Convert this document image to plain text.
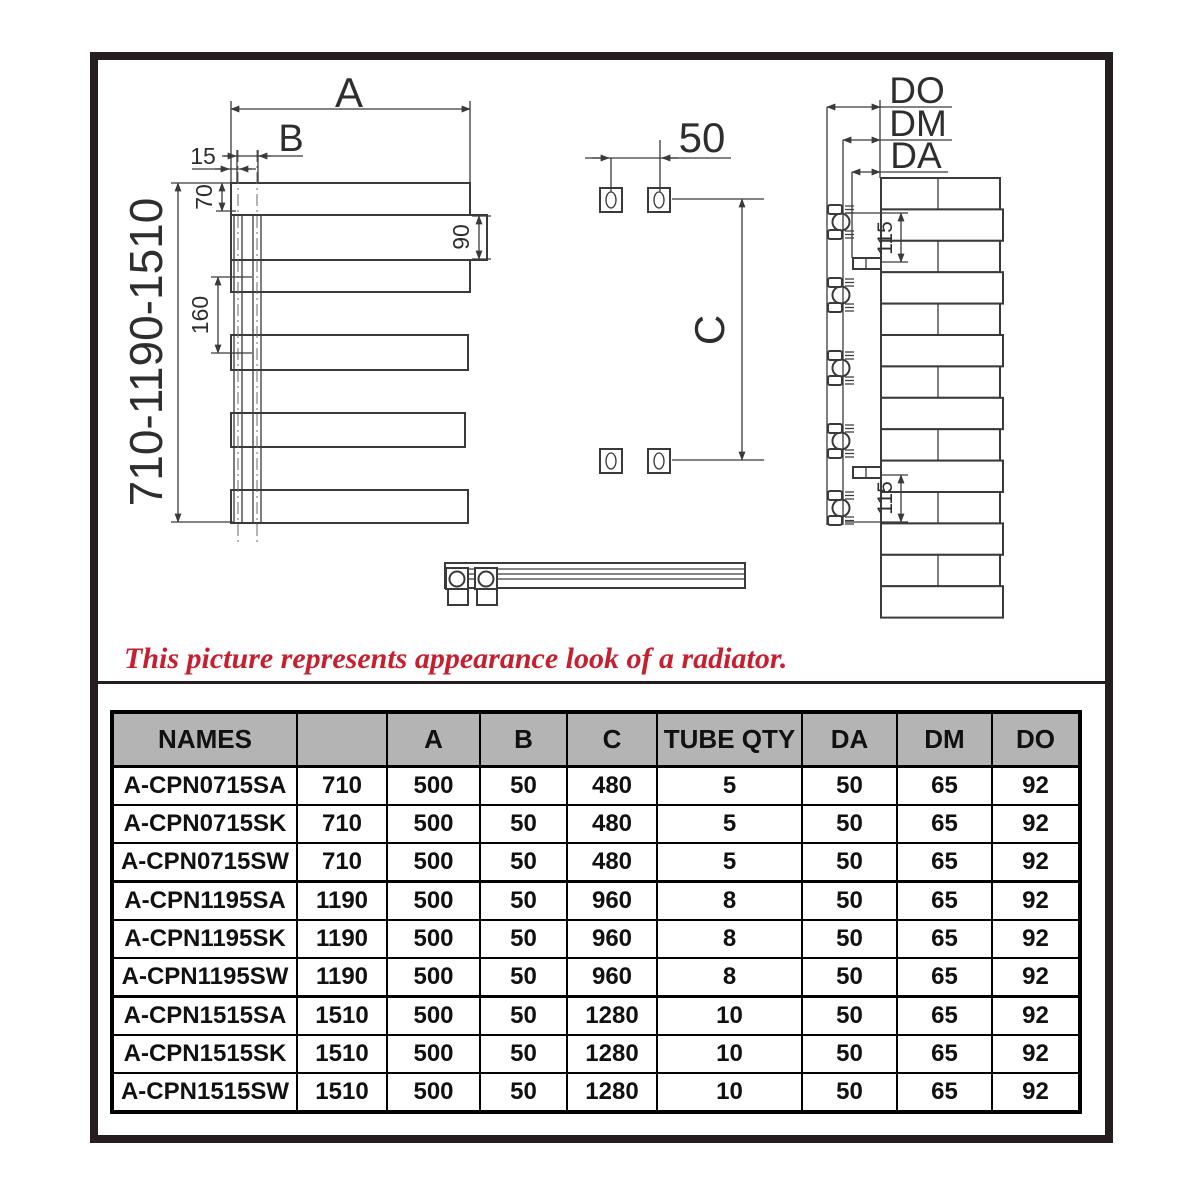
A
B
15
70
160
90
710-1190-1510
50
C
DO
DM
DA
115
115
This picture represents appearance look of a radiator.
NAMES		A	B	C	TUBE QTY	DA	DM	DO
A-CPN0715SA	710	500	50	480	5	50	65	92
A-CPN0715SK	710	500	50	480	5	50	65	92
A-CPN0715SW	710	500	50	480	5	50	65	92
A-CPN1195SA	1190	500	50	960	8	50	65	92
A-CPN1195SK	1190	500	50	960	8	50	65	92
A-CPN1195SW	1190	500	50	960	8	50	65	92
A-CPN1515SA	1510	500	50	1280	10	50	65	92
A-CPN1515SK	1510	500	50	1280	10	50	65	92
A-CPN1515SW	1510	500	50	1280	10	50	65	92
